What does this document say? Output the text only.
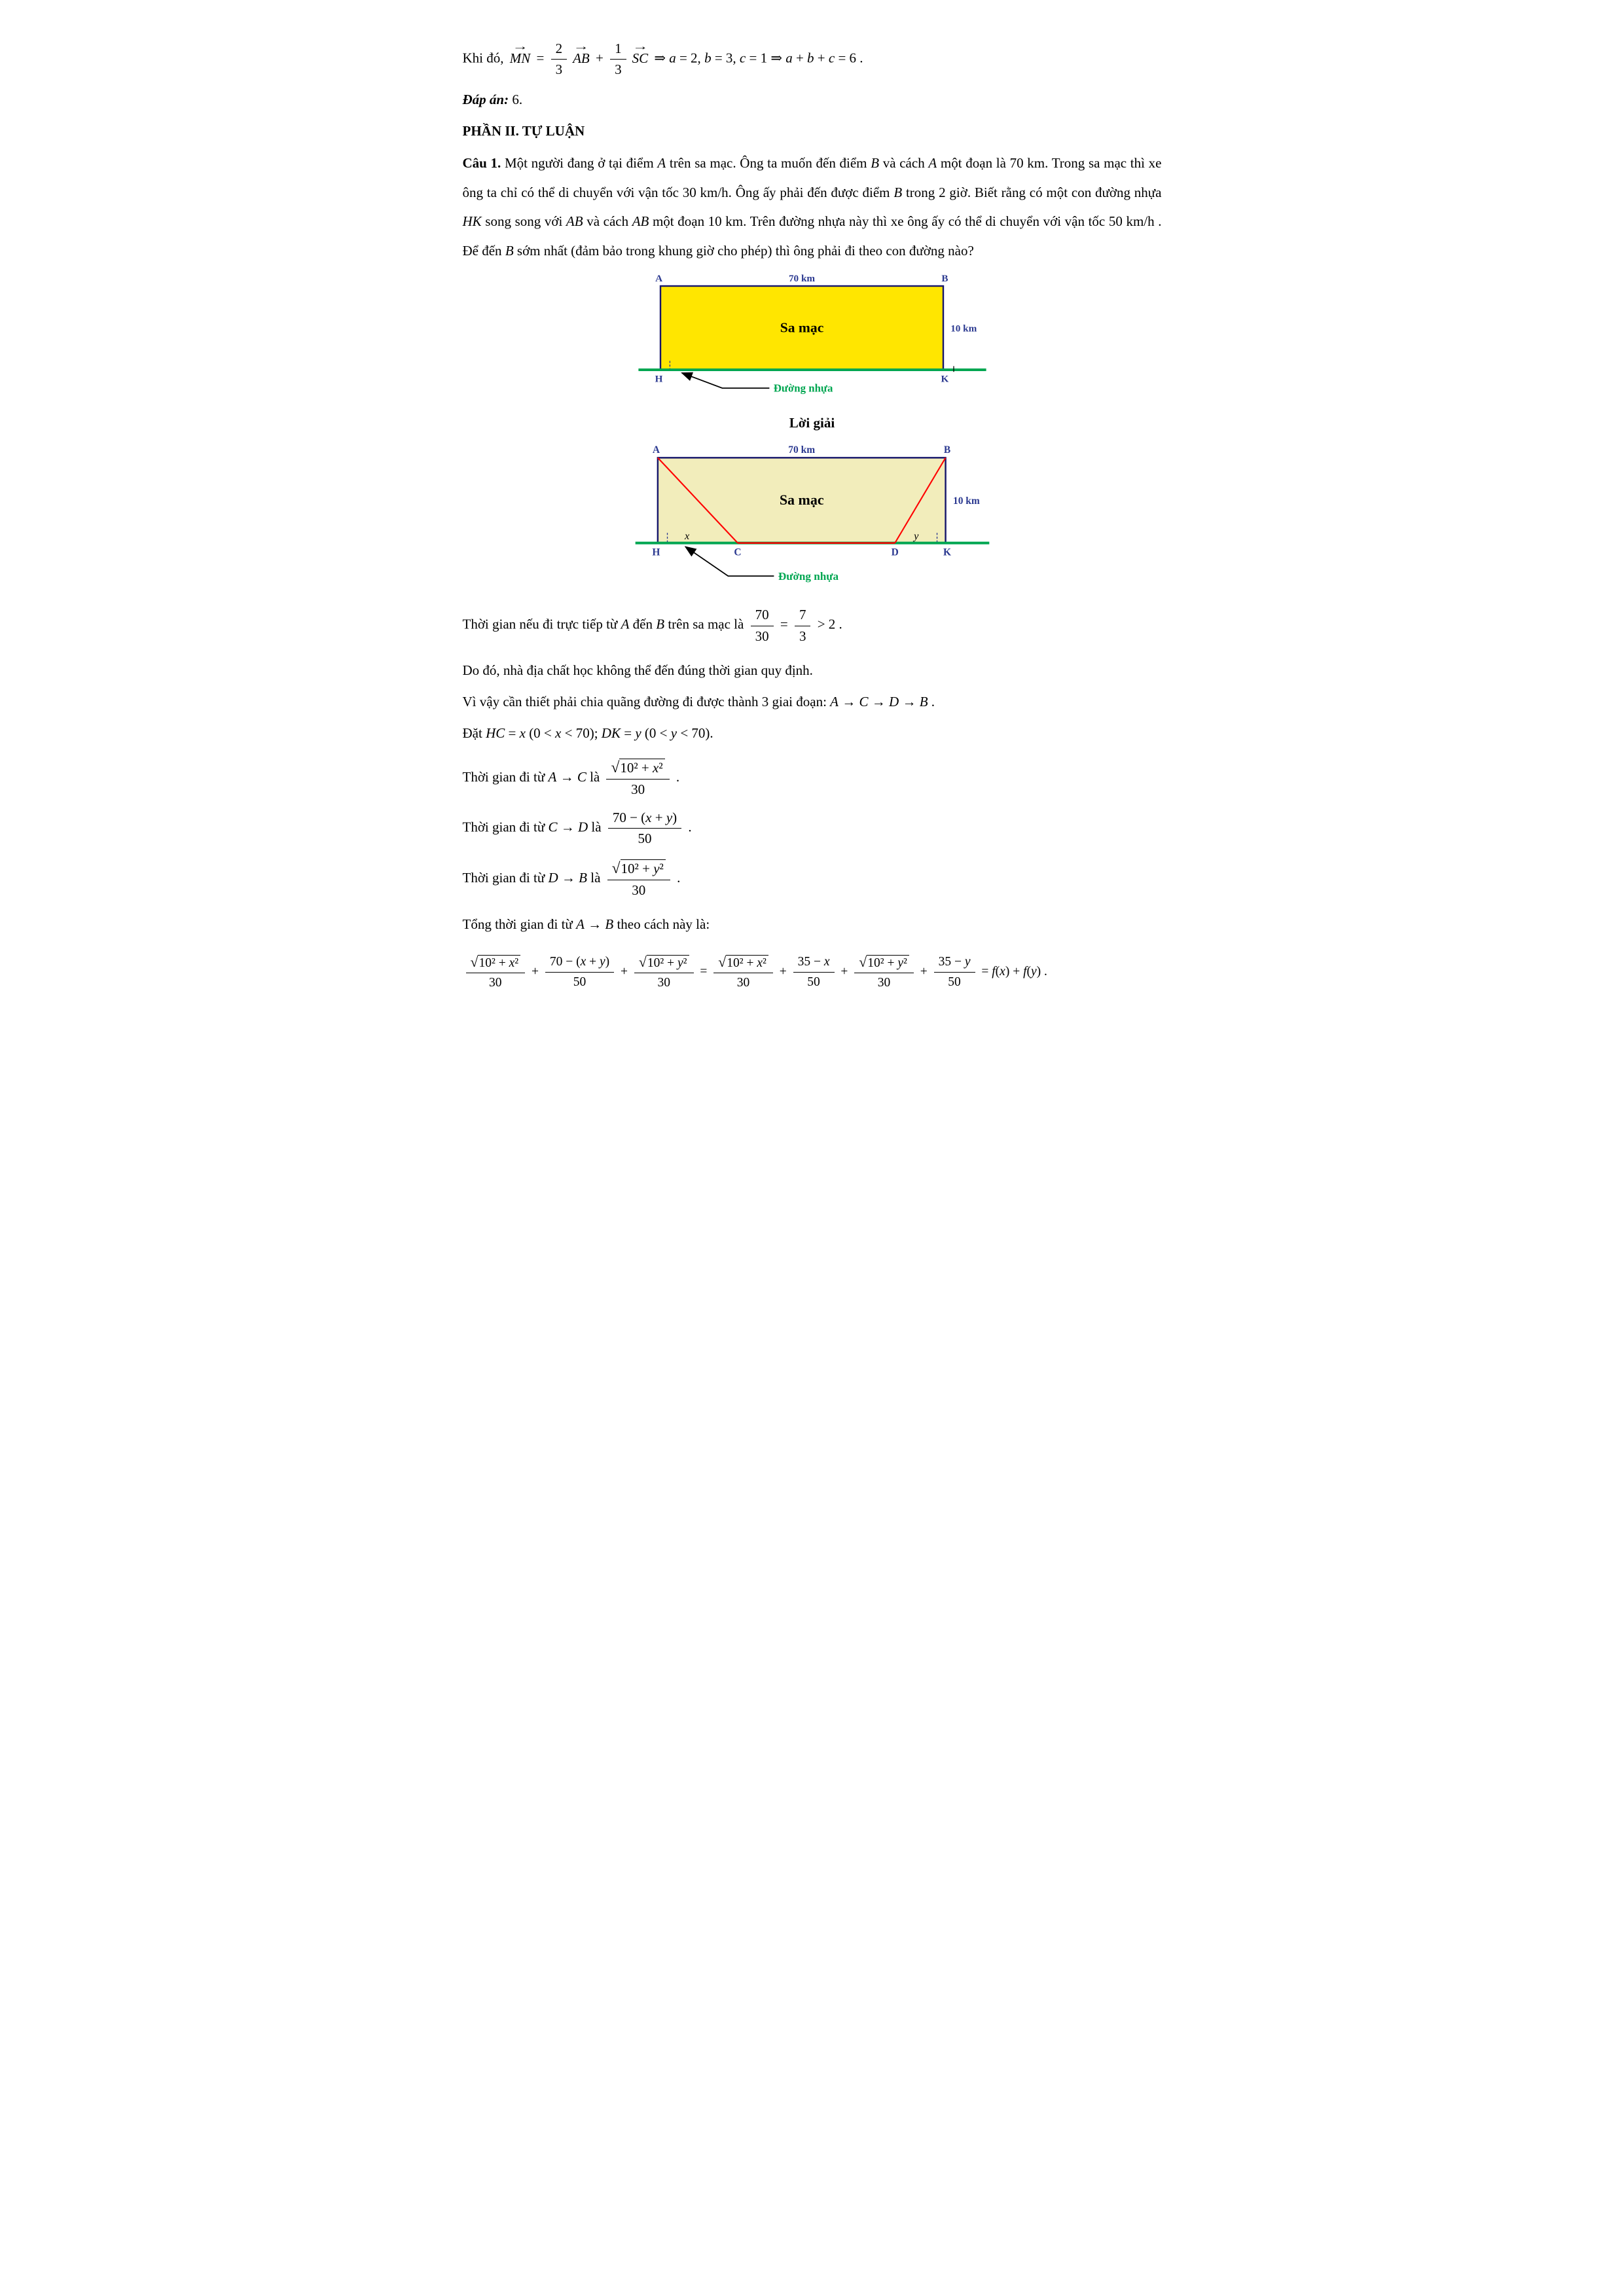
Khi đó,
→
MN = $\frac{2}{3}$ →
AB + $\frac{1}{3}$ →
SC ⇒ a = 2, b = 3, c = 1 ⇒ a + b + c = 6 .
Đáp án: 6.
PHẦN II. TỰ LUẬN
Câu 1. Một người đang ở tại điểm A trên sa mạc. Ông ta muốn đến điểm B và cách A một đoạn là 70 km. Trong sa mạc thì xe ông ta chỉ có thể di chuyển với vận tốc 30 km/h. Ông ấy phải đến được điểm B trong 2 giờ. Biết rằng có một con đường nhựa HK song song với AB và cách AB một đoạn 10 km. Trên đường nhựa này thì xe ông ấy có thể di chuyển với vận tốc 50 km/h . Để đến B sớm nhất (đảm bảo trong khung giờ cho phép) thì ông phải đi theo con đường nào?
A	B
70 km
Sa mạc	10 km
H	K
Đường nhựa
Lời giải
A	B
70 km
Sa mạc	10 km
x	y
H	C	D	K
Đường nhựa
Thời gian nếu đi trực tiếp từ A đến B trên sa mạc là $\frac{70}{30} = \frac{7}{3} > 2$ .
Do đó, nhà địa chất học không thể đến đúng thời gian quy định.
Vì vậy cần thiết phải chia quãng đường đi được thành 3 giai đoạn: A → C → D → B .
Đặt HC = x (0 < x < 70); DK = y (0 < y < 70).
Thời gian đi từ A → C là $\frac{\text{√10² + x²}}{30}$ .
Thời gian đi từ C → D là $\frac{70 - (x + y)}{50}$ .
Thời gian đi từ D → B là $\frac{\text{√10² + y²}}{30}$ .
Tổng thời gian đi từ A → B theo cách này là:
$\frac{\text{√10² + x²}}{30} + \frac{70 - (x + y)}{50} + \frac{\text{√10² + y²}}{30} = \frac{\text{√10² + x²}}{30} + \frac{35 - x}{50} + \frac{\text{√10² + y²}}{30} + \frac{35 - y}{50} = f(x) + f(y)$ .
